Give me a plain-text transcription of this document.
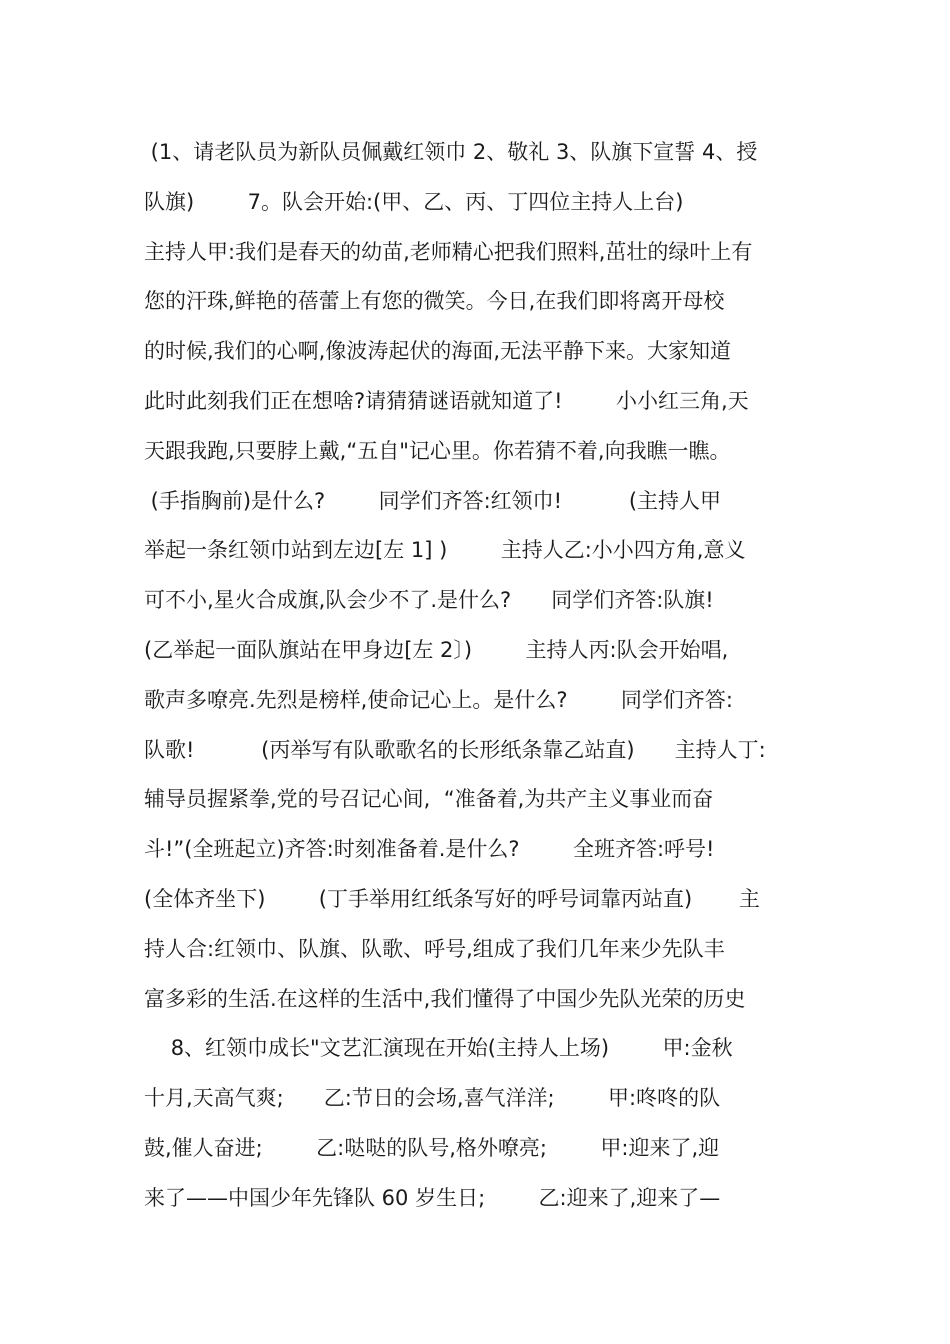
(1、请老队员为新队员佩戴红领巾 2、敬礼 3、队旗下宣誓 4、授
队旗)        7。队会开始:(甲、乙、丙、丁四位主持人上台)
主持人甲:我们是春天的幼苗,老师精心把我们照料,茁壮的绿叶上有
您的汗珠,鲜艳的蓓蕾上有您的微笑。今日,在我们即将离开母校
的时候,我们的心啊,像波涛起伏的海面,无法平静下来。大家知道
此时此刻我们正在想啥?请猜猜谜语就知道了!        小小红三角,天
天跟我跑,只要脖上戴,“五自"记心里。你若猜不着,向我瞧一瞧。
(手指胸前)是什么?        同学们齐答:红领巾!          (主持人甲
举起一条红领巾站到左边[左 1] )        主持人乙:小小四方角,意义
可不小,星火合成旗,队会少不了.是什么?      同学们齐答:队旗!
(乙举起一面队旗站在甲身边[左 2〕)        主持人丙:队会开始唱,
歌声多嘹亮.先烈是榜样,使命记心上。是什么?        同学们齐答:
队歌!          (丙举写有队歌歌名的长形纸条靠乙站直)      主持人丁:
辅导员握紧拳,党的号召记心间,  “准备着,为共产主义事业而奋
斗!”(全班起立)齐答:时刻准备着.是什么?        全班齐答:呼号!
(全体齐坐下)        (丁手举用红纸条写好的呼号词靠丙站直)       主
持人合:红领巾、队旗、队歌、呼号,组成了我们几年来少先队丰
富多彩的生活.在这样的生活中,我们懂得了中国少先队光荣的历史
8、红领巾成长"文艺汇演现在开始(主持人上场)        甲:金秋
十月,天高气爽;      乙:节日的会场,喜气洋洋;        甲:咚咚的队
鼓,催人奋进;        乙:哒哒的队号,格外嘹亮;        甲:迎来了,迎
来了——中国少年先锋队 60 岁生日;        乙:迎来了,迎来了—
